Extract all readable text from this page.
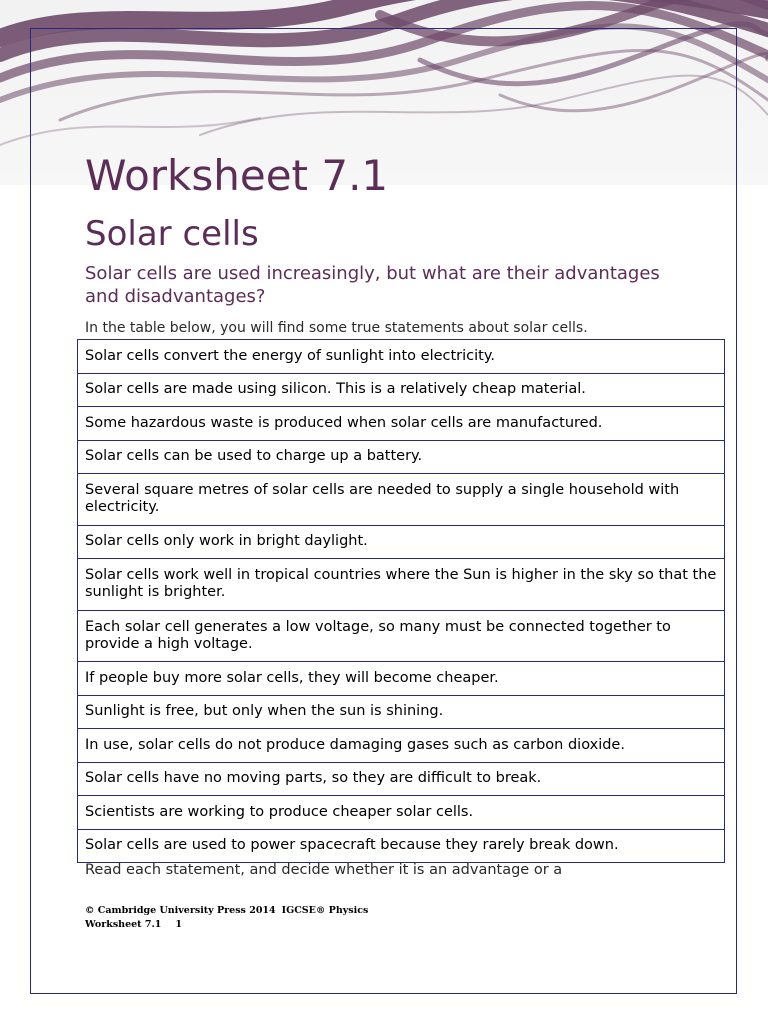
Worksheet 7.1
Solar cells

Solar cells are used increasingly, but what are their advantages and disadvantages?

In the table below, you will find some true statements about solar cells.

Solar cells convert the energy of sunlight into electricity.
Solar cells are made using silicon. This is a relatively cheap material.
Some hazardous waste is produced when solar cells are manufactured.
Solar cells can be used to charge up a battery.
Several square metres of solar cells are needed to supply a single household with electricity.
Solar cells only work in bright daylight.
Solar cells work well in tropical countries where the Sun is higher in the sky so that the sunlight is brighter.
Each solar cell generates a low voltage, so many must be connected together to provide a high voltage.
If people buy more solar cells, they will become cheaper.
Sunlight is free, but only when the sun is shining.
In use, solar cells do not produce damaging gases such as carbon dioxide.
Solar cells have no moving parts, so they are difficult to break.
Scientists are working to produce cheaper solar cells.
Solar cells are used to power spacecraft because they rarely break down.

Read each statement, and decide whether it is an advantage or a

© Cambridge University Press 2014 IGCSE® Physics
Worksheet 7.1 1
